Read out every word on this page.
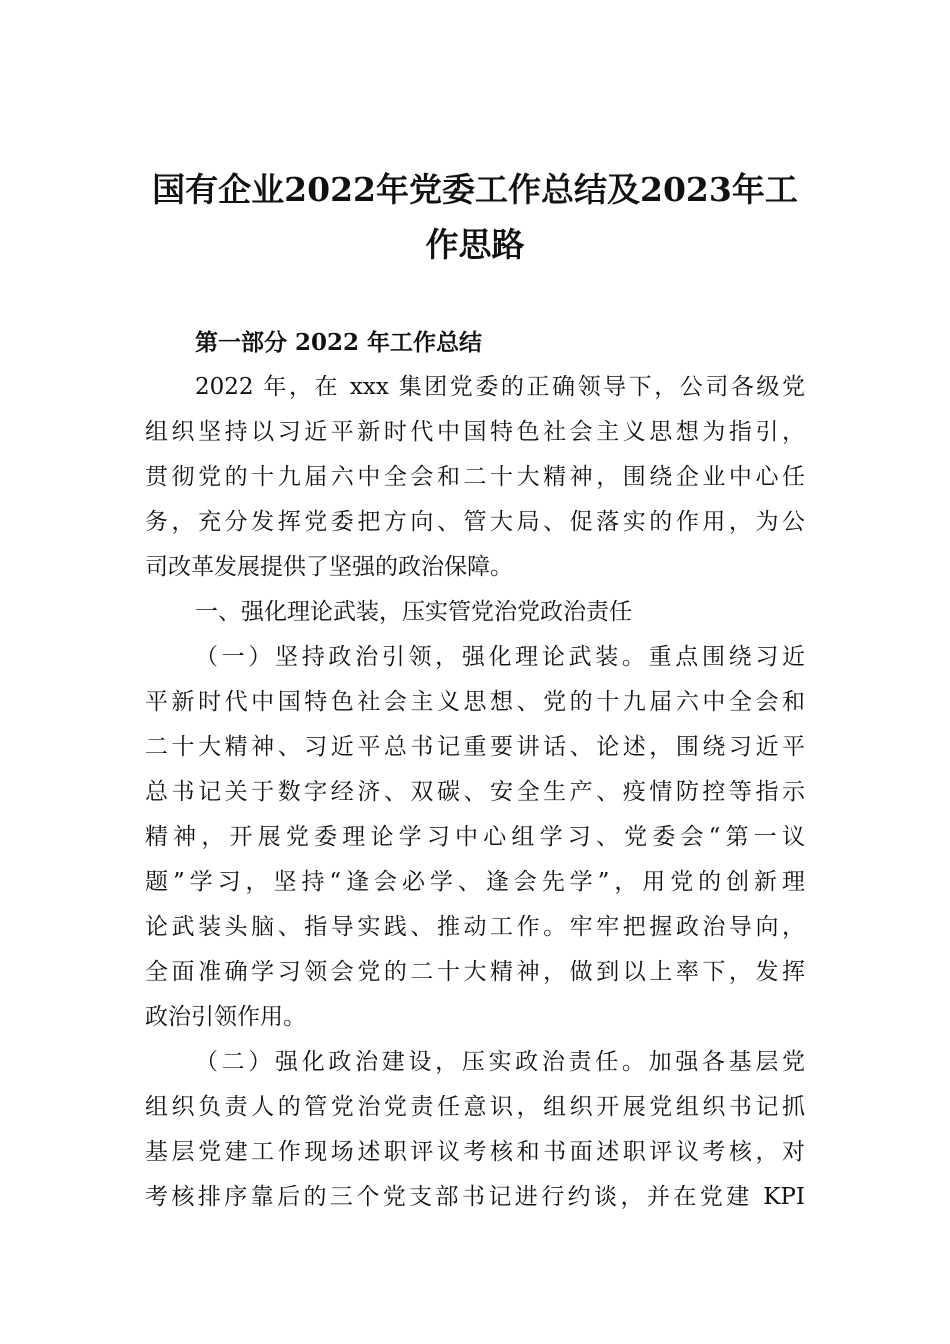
国有企业2022年党委工作总结及2023年工
作思路
第一部分 2022 年工作总结
2022 年，在 xxx 集团党委的正确领导下，公司各级党
组织坚持以习近平新时代中国特色社会主义思想为指引，
贯彻党的十九届六中全会和二十大精神，围绕企业中心任
务，充分发挥党委把方向、管大局、促落实的作用，为公
司改革发展提供了坚强的政治保障。
一、强化理论武装，压实管党治党政治责任
（一）坚持政治引领，强化理论武装。重点围绕习近
平新时代中国特色社会主义思想、党的十九届六中全会和
二十大精神、习近平总书记重要讲话、论述，围绕习近平
总书记关于数字经济、双碳、安全生产、疫情防控等指示
精神，开展党委理论学习中心组学习、党委会“第一议
题”学习，坚持“逢会必学、逢会先学”，用党的创新理
论武装头脑、指导实践、推动工作。牢牢把握政治导向，
全面准确学习领会党的二十大精神，做到以上率下，发挥
政治引领作用。
（二）强化政治建设，压实政治责任。加强各基层党
组织负责人的管党治党责任意识，组织开展党组织书记抓
基层党建工作现场述职评议考核和书面述职评议考核，对
考核排序靠后的三个党支部书记进行约谈，并在党建 KPI
